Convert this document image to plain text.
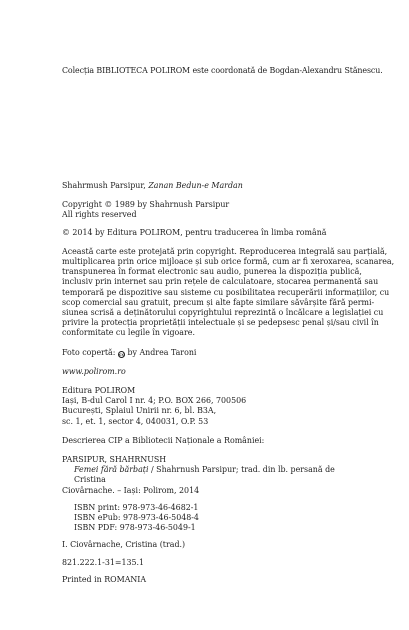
Colecția BIBLIOTECA POLIROM este coordonată de Bogdan-Alexandru Stănescu.

Shahrmush Parsipur, Zanan Bedun-e Mardan

Copyright © 1989 by Shahrnush Parsipur
All rights reserved

© 2014 by Editura POLIROM, pentru traducerea în limba română

Această carte este protejată prin copyright. Reproducerea integrală sau parțială,
multiplicarea prin orice mijloace și sub orice formă, cum ar fi xeroxarea, scanarea,
transpunerea în format electronic sau audio, punerea la dispoziția publică,
inclusiv prin internet sau prin rețele de calculatoare, stocarea permanentă sau
temporară pe dispozitive sau sisteme cu posibilitatea recuperării informațiilor, cu
scop comercial sau gratuit, precum și alte fapte similare săvârșite fără permi-
siunea scrisă a deținătorului copyrightului reprezintă o încălcare a legislației cu
privire la protecția proprietății intelectuale și se pedepsesc penal și/sau civil în
conformitate cu legile în vigoare.

Foto copertă: cc by Andrea Taroni

www.polirom.ro

Editura POLIROM
Iași, B-dul Carol I nr. 4; P.O. BOX 266, 700506
București, Splaiul Unirii nr. 6, bl. B3A,
sc. 1, et. 1, sector 4, 040031, O.P. 53

Descrierea CIP a Bibliotecii Naționale a României:

PARSIPUR, SHAHRNUSH

Femei fără bărbați / Shahrnush Parsipur; trad. din lb. persană de Cristina

Ciovârnache. – Iași: Polirom, 2014

ISBN print: 978-973-46-4682-1
ISBN ePub: 978-973-46-5048-4
ISBN PDF: 978-973-46-5049-1

I. Ciovârnache, Cristina (trad.)

821.222.1-31=135.1

Printed in ROMANIA
